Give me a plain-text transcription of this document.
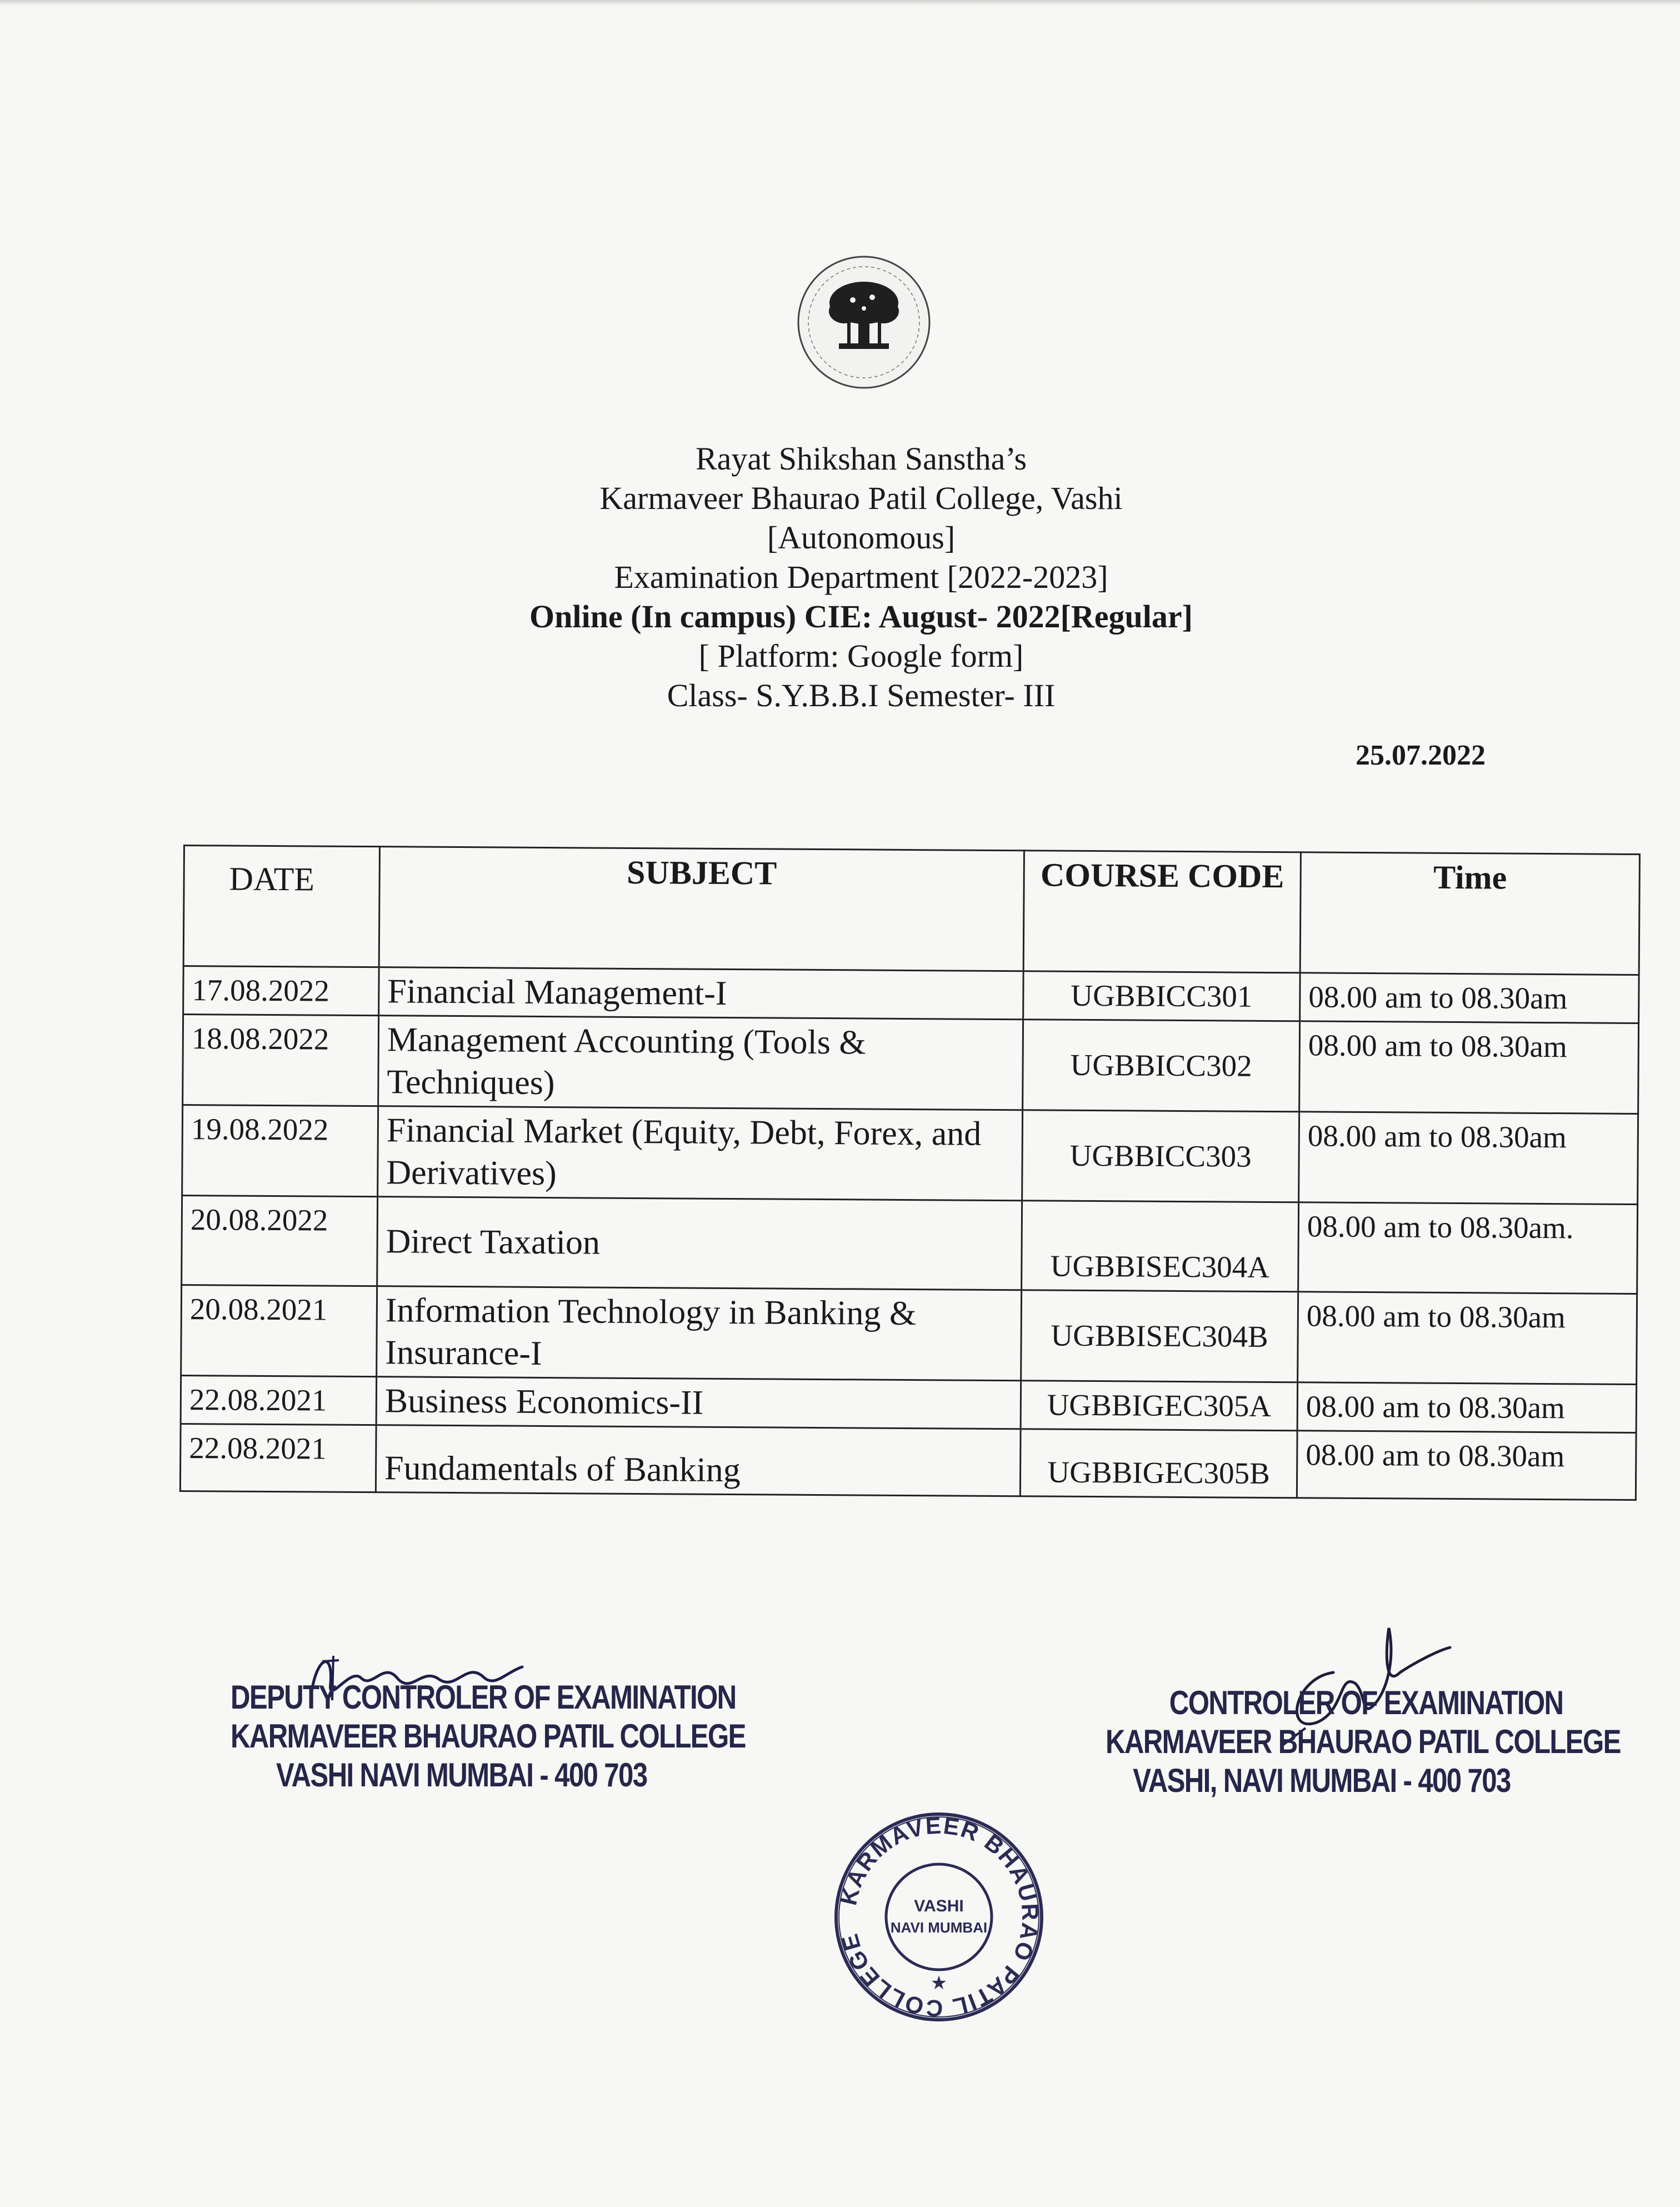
Rayat Shikshan Sanstha’s
Karmaveer Bhaurao Patil College, Vashi
[Autonomous]
Examination Department [2022-2023]
Online (In campus) CIE: August- 2022[Regular]
[ Platform: Google form]
Class- S.Y.B.B.I Semester- III
25.07.2022
DATE	SUBJECT	COURSE CODE	Time
17.08.2022	Financial Management-I	UGBBICC301	08.00 am to 08.30am
18.08.2022	Management Accounting (Tools & Techniques)	UGBBICC302	08.00 am to 08.30am
19.08.2022	Financial Market (Equity, Debt, Forex, and Derivatives)	UGBBICC303	08.00 am to 08.30am
20.08.2022	Direct Taxation	UGBBISEC304A	08.00 am to 08.30am.
20.08.2021	Information Technology in Banking & Insurance-I	UGBBISEC304B	08.00 am to 08.30am
22.08.2021	Business Economics-II	UGBBIGEC305A	08.00 am to 08.30am
22.08.2021	Fundamentals of Banking	UGBBIGEC305B	08.00 am to 08.30am
DEPUTY CONTROLER OF EXAMINATION
KARMAVEER BHAURAO PATIL COLLEGE
VASHI NAVI MUMBAI - 400 703
KARMAVEER BHAURAO PATIL COLLEGE
VASHI
NAVI MUMBAI
★
CONTROLER OF EXAMINATION
KARMAVEER BHAURAO PATIL COLLEGE
VASHI, NAVI MUMBAI - 400 703
